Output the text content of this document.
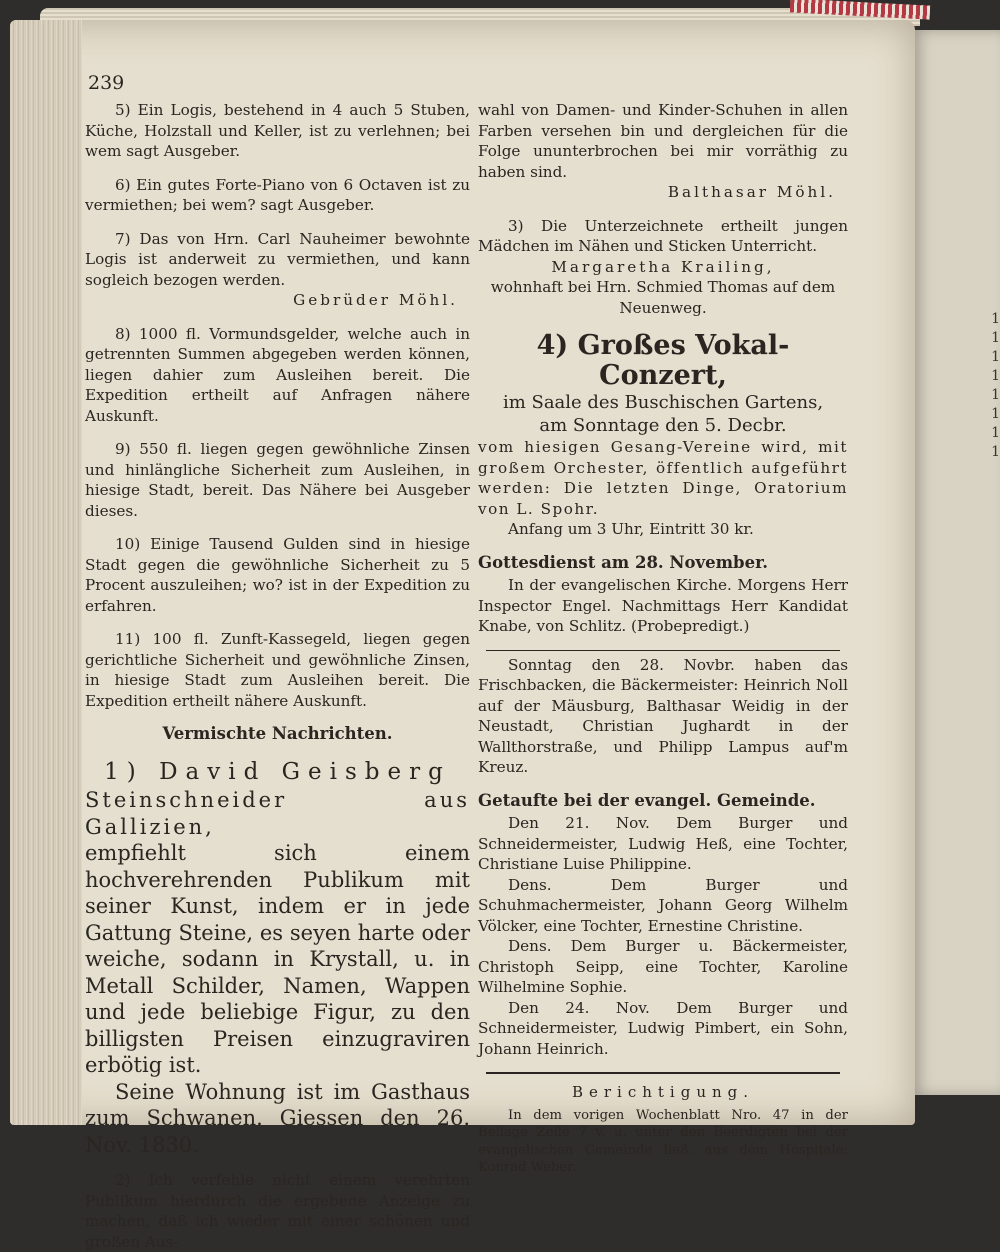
1
1
1
1
1
1
1
1
239

5) Ein Logis, bestehend in 4 auch 5 Stuben, Küche, Holzstall und Keller, ist zu verlehnen; bei wem sagt Ausgeber.

6) Ein gutes Forte-Piano von 6 Octaven ist zu vermiethen; bei wem? sagt Ausgeber.

7) Das von Hrn. Carl Nauheimer bewohnte Logis ist anderweit zu vermiethen, und kann sogleich bezogen werden.

Gebrüder Möhl.

8) 1000 fl. Vormundsgelder, welche auch in getrennten Summen abgegeben werden können, liegen dahier zum Ausleihen bereit. Die Expedition ertheilt auf Anfragen nähere Auskunft.

9) 550 fl. liegen gegen gewöhnliche Zinsen und hinlängliche Sicherheit zum Ausleihen, in hiesige Stadt, bereit. Das Nähere bei Ausgeber dieses.

10) Einige Tausend Gulden sind in hiesige Stadt gegen die gewöhnliche Sicherheit zu 5 Procent auszuleihen; wo? ist in der Expedition zu erfahren.

11) 100 fl. Zunft-Kassegeld, liegen gegen gerichtliche Sicherheit und gewöhnliche Zinsen, in hiesige Stadt zum Ausleihen bereit. Die Expedition ertheilt nähere Auskunft.

Vermischte Nachrichten.

1) David Geisberg

Steinschneider aus Gallizien,

empfiehlt sich einem hochverehrenden Publikum mit seiner Kunst, indem er in jede Gattung Steine, es seyen harte oder weiche, sodann in Krystall, u. in Metall Schilder, Namen, Wappen und jede beliebige Figur, zu den billigsten Preisen einzugraviren erbötig ist.

Seine Wohnung ist im Gasthaus zum Schwanen. Giessen den 26. Nov. 1830.

2) Ich verfehle nicht einem verehrten Publikum hierdurch die ergebene Anzeige zu machen, daß ich wieder mit einer schönen und großen Aus-

wahl von Damen- und Kinder-Schuhen in allen Farben versehen bin und dergleichen für die Folge ununterbrochen bei mir vorräthig zu haben sind.

Balthasar Möhl.

3) Die Unterzeichnete ertheilt jungen Mädchen im Nähen und Sticken Unterricht.

Margaretha Krailing,

wohnhaft bei Hrn. Schmied Thomas auf dem Neuenweg.

4) Großes Vokal-Conzert,

im Saale des Buschischen Gartens,

am Sonntage den 5. Decbr.

vom hiesigen Gesang-Vereine wird, mit großem Orchester, öffentlich aufgeführt werden: Die letzten Dinge, Oratorium von L. Spohr.

Anfang um 3 Uhr, Eintritt 30 kr.

Gottesdienst am 28. November.

In der evangelischen Kirche. Morgens Herr Inspector Engel. Nachmittags Herr Kandidat Knabe, von Schlitz. (Probepredigt.)

Sonntag den 28. Novbr. haben das Frischbacken, die Bäckermeister: Heinrich Noll auf der Mäusburg, Balthasar Weidig in der Neustadt, Christian Jughardt in der Wallthorstraße, und Philipp Lampus auf'm Kreuz.

Getaufte bei der evangel. Gemeinde.

Den 21. Nov. Dem Burger und Schneidermeister, Ludwig Heß, eine Tochter, Christiane Luise Philippine.

Dens. Dem Burger und Schuhmachermeister, Johann Georg Wilhelm Völcker, eine Tochter, Ernestine Christine.

Dens. Dem Burger u. Bäckermeister, Christoph Seipp, eine Tochter, Karoline Wilhelmine Sophie.

Den 24. Nov. Dem Burger und Schneidermeister, Ludwig Pimbert, ein Sohn, Johann Heinrich.

Berichtigung.

In dem vorigen Wochenblatt Nro. 47 in der Beilage Zeile 7 v. u. unter den Beerdigten bei der evangelischen Gemeinde ließ: aus dem Hospitale: Konrad Weber.
